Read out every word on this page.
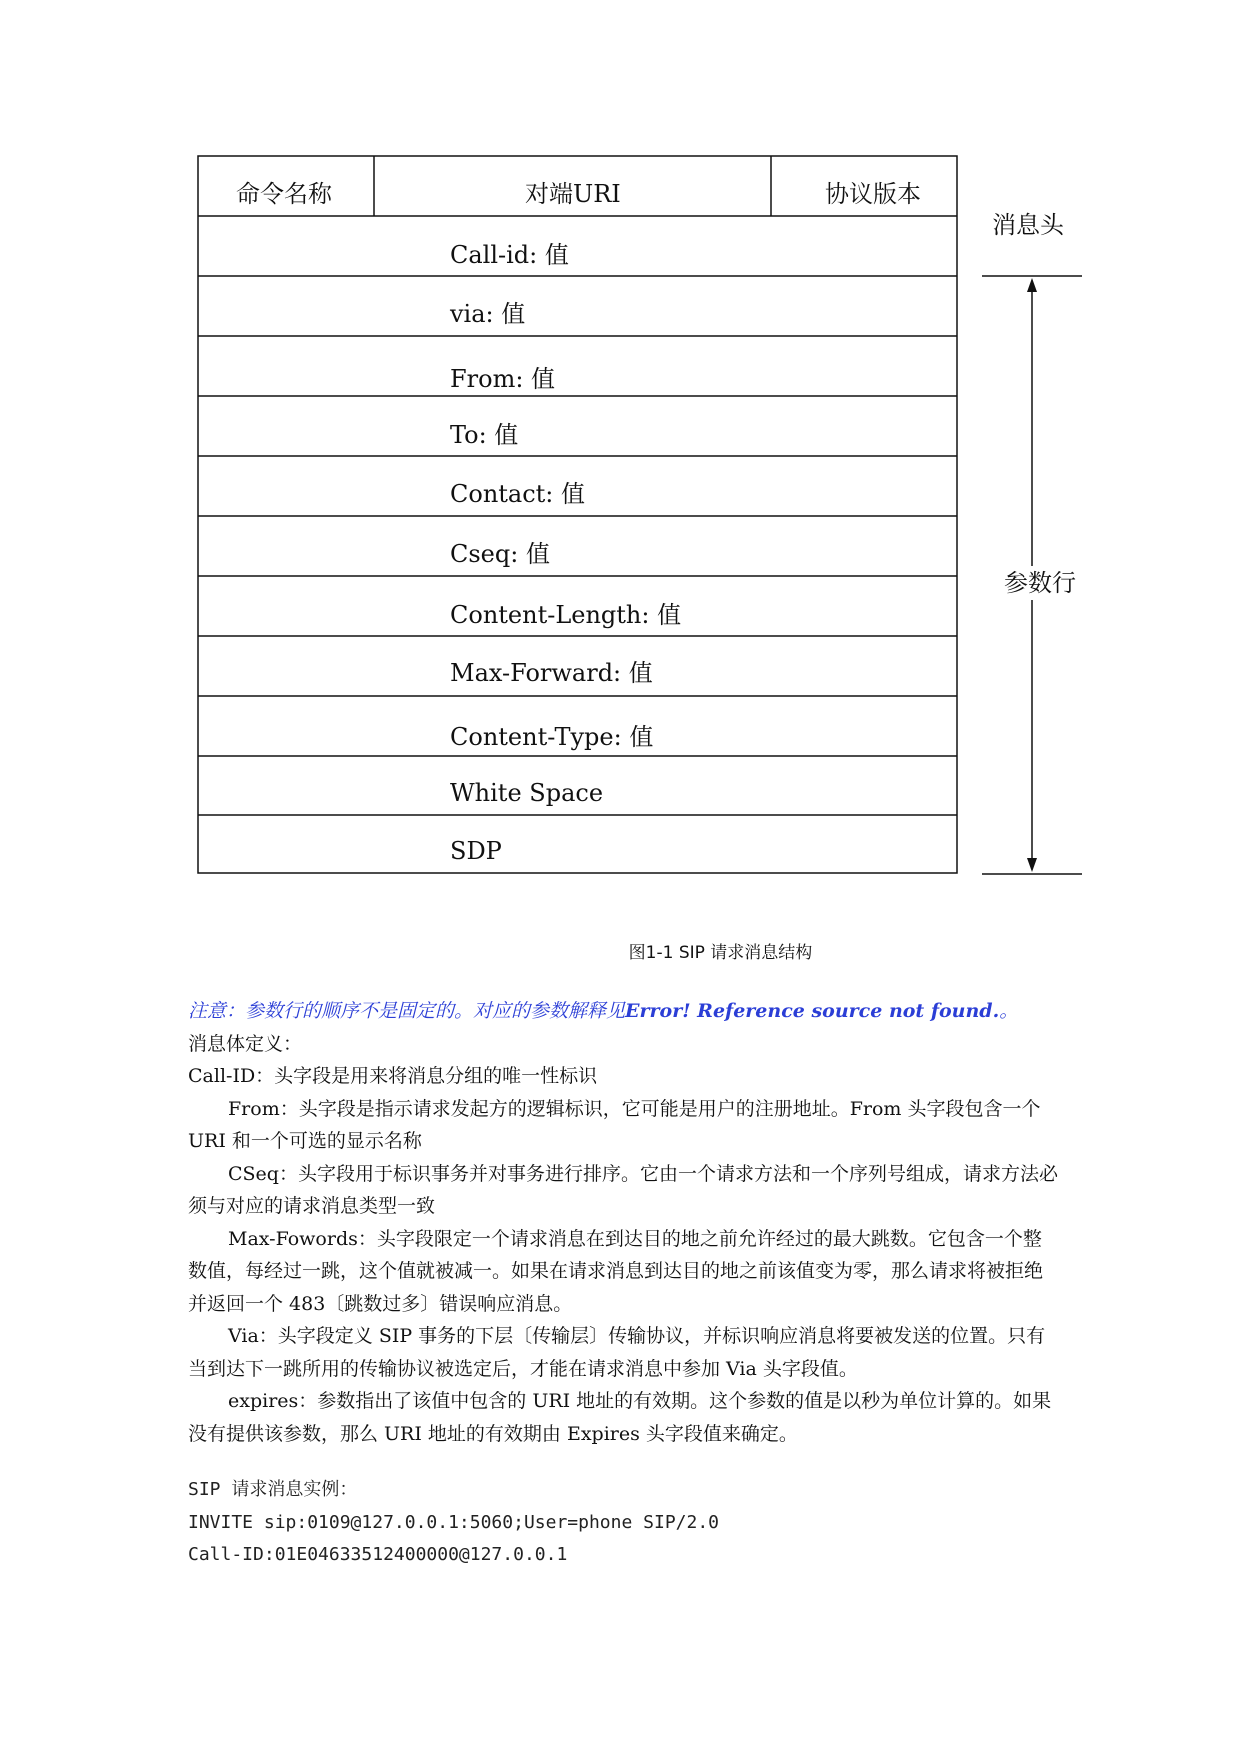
命令名称	对端URI	协议版本
Call-id: 值
via: 值
From: 值
To: 值
Contact: 值
Cseq: 值
Content-Length: 值
Max-Forward: 值
Content-Type: 值
White Space
SDP
消息头
参数行
图1-1 SIP 请求消息结构

注意：参数行的顺序不是固定的。对应的参数解释见Error! Reference source not found.。

消息体定义：

Call-ID：头字段是用来将消息分组的唯一性标识

From：头字段是指示请求发起方的逻辑标识，它可能是用户的注册地址。From 头字段包含一个 URI 和一个可选的显示名称

CSeq：头字段用于标识事务并对事务进行排序。它由一个请求方法和一个序列号组成，请求方法必须与对应的请求消息类型一致

Max-Fowords：头字段限定一个请求消息在到达目的地之前允许经过的最大跳数。它包含一个整数值，每经过一跳，这个值就被减一。如果在请求消息到达目的地之前该值变为零，那么请求将被拒绝并返回一个 483〔跳数过多〕错误响应消息。

Via：头字段定义 SIP 事务的下层〔传输层〕传输协议，并标识响应消息将要被发送的位置。只有当到达下一跳所用的传输协议被选定后，才能在请求消息中参加 Via 头字段值。

expires：参数指出了该值中包含的 URI 地址的有效期。这个参数的值是以秒为单位计算的。如果没有提供该参数，那么 URI 地址的有效期由 Expires 头字段值来确定。

SIP 请求消息实例：

INVITE sip:0109@127.0.0.1:5060;User=phone SIP/2.0

Call-ID:01E04633512400000@127.0.0.1
